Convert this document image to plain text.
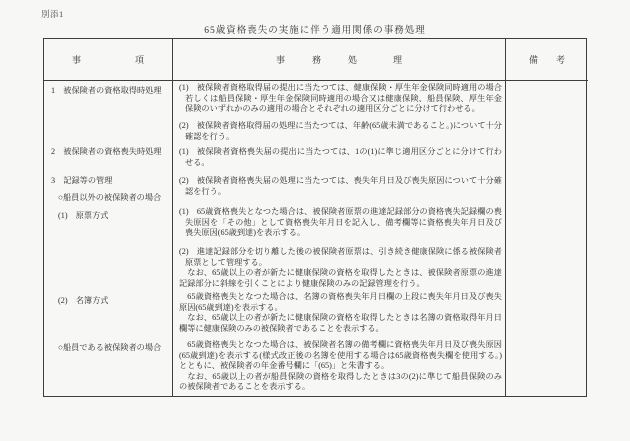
別添1
65歳資格喪失の実施に伴う適用関係の事務処理
事　　　　　　項	事　　　務　　　処　　　　理	備　　考
1　被保険者の資格取得時処理
2　被保険者の資格喪失時処理
3　記録等の管理
○船員以外の被保険者の場合
(1)　原票方式
(2)　名簿方式
○船員である被保険者の場合
(1)　被保険者資格取得届の提出に当たつては、健康保険・厚生年金保険同時適用の場合若しくは船員保険・厚生年金保険同時適用の場合又は健康保険、船員保険、厚生年金保険のいずれかのみの適用の場合とそれぞれの適用区分ごとに分けて行わせる。
(2)　被保険者資格取得届の処理に当たつては、年齢(65歳未満であること。)について十分確認を行う。
(1)　被保険者資格喪失届の提出に当たつては、1の(1)に準じ適用区分ごとに分けて行わせる。
(2)　被保険者資格喪失届の処理に当たつては、喪失年月日及び喪失原因について十分確認を行う。
(1)　65歳資格喪失となつた場合は、被保険者原票の進達記録部分の資格喪失記録欄の喪失原因を「その他」として資格喪失年月日を記入し、備考欄等に資格喪失年月日及び喪失原因(65歳到達)を表示する。
(2)　進達記録部分を切り離した後の被保険者原票は、引き続き健康保険に係る被保険者原票として管理する。
　なお、65歳以上の者が新たに健康保険の資格を取得したときは、被保険者原票の進達記録部分に斜線を引くことにより健康保険のみの記録管理を行う。
　65歳資格喪失となつた場合は、名簿の資格喪失年月日欄の上段に喪失年月日及び喪失原因(65歳到達)を表示する。
　なお、65歳以上の者が新たに健康保険の資格を取得したときは名簿の資格取得年月日欄等に健康保険のみの被保険者であることを表示する。
　65歳資格喪失となつた場合は、被保険者名簿の備考欄に資格喪失年月日及び喪失原因(65歳到達)を表示する(様式改正後の名簿を使用する場合は65歳資格喪失欄を使用する。)とともに、被保険者の年金番号欄に「(65)」と朱書する。
　なお、65歳以上の者が船員保険の資格を取得したときは3の(2)に準じて船員保険のみの被保険者であることを表示する。
